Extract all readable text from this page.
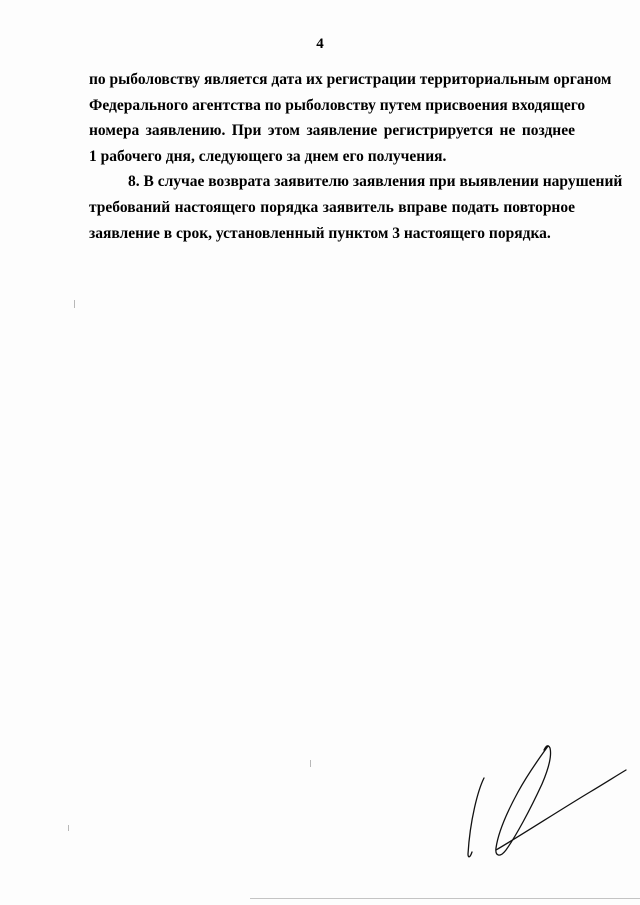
4
по рыболовству является дата их регистрации территориальным органом
Федерального агентства по рыболовству путем присвоения входящего
номера заявлению. При этом заявление регистрируется не позднее
1 рабочего дня, следующего за днем его получения.
8. В случае возврата заявителю заявления при выявлении нарушений
требований настоящего порядка заявитель вправе подать повторное
заявление в срок, установленный пунктом 3 настоящего порядка.
